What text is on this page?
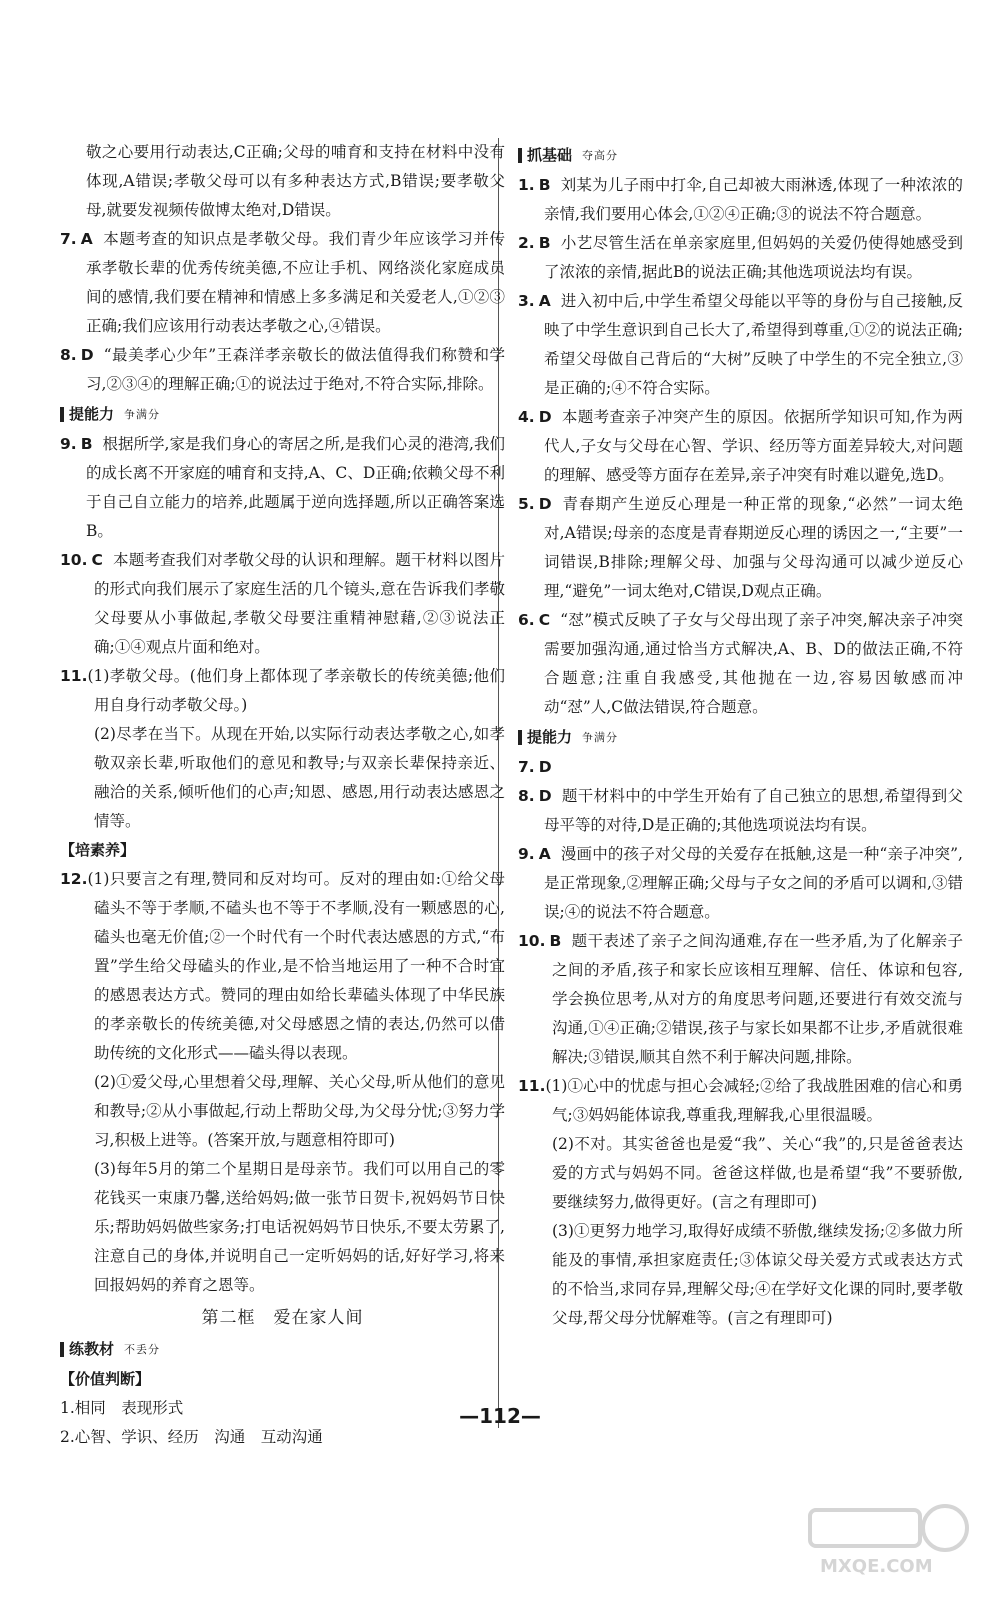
敬之心要用行动表达,C正确;父母的哺育和支持在材料中没有体现,A错误;孝敬父母可以有多种表达方式,B错误;要孝敬父母,就要发视频传做博太绝对,D错误。
7. A 本题考查的知识点是孝敬父母。我们青少年应该学习并传承孝敬长辈的优秀传统美德,不应让手机、网络淡化家庭成员间的感情,我们要在精神和情感上多多满足和关爱老人,①②③正确;我们应该用行动表达孝敬之心,④错误。
8. D “最美孝心少年”王森洋孝亲敬长的做法值得我们称赞和学习,②③④的理解正确;①的说法过于绝对,不符合实际,排除。
提能力 争满分
9. B 根据所学,家是我们身心的寄居之所,是我们心灵的港湾,我们的成长离不开家庭的哺育和支持,A、C、D正确;依赖父母不利于自己自立能力的培养,此题属于逆向选择题,所以正确答案选B。
10. C 本题考查我们对孝敬父母的认识和理解。题干材料以图片的形式向我们展示了家庭生活的几个镜头,意在告诉我们孝敬父母要从小事做起,孝敬父母要注重精神慰藉,②③说法正确;①④观点片面和绝对。
11.(1)孝敬父母。(他们身上都体现了孝亲敬长的传统美德;他们用自身行动孝敬父母。)
(2)尽孝在当下。从现在开始,以实际行动表达孝敬之心,如孝敬双亲长辈,听取他们的意见和教导;与双亲长辈保持亲近、融洽的关系,倾听他们的心声;知恩、感恩,用行动表达感恩之情等。
【培素养】
12.(1)只要言之有理,赞同和反对均可。反对的理由如:①给父母磕头不等于孝顺,不磕头也不等于不孝顺,没有一颗感恩的心,磕头也毫无价值;②一个时代有一个时代表达感恩的方式,“布置”学生给父母磕头的作业,是不恰当地运用了一种不合时宜的感恩表达方式。赞同的理由如给长辈磕头体现了中华民族的孝亲敬长的传统美德,对父母感恩之情的表达,仍然可以借助传统的文化形式——磕头得以表现。
(2)①爱父母,心里想着父母,理解、关心父母,听从他们的意见和教导;②从小事做起,行动上帮助父母,为父母分忧;③努力学习,积极上进等。(答案开放,与题意相符即可)
(3)每年5月的第二个星期日是母亲节。我们可以用自己的零花钱买一束康乃馨,送给妈妈;做一张节日贺卡,祝妈妈节日快乐;帮助妈妈做些家务;打电话祝妈妈节日快乐,不要太劳累了,注意自己的身体,并说明自己一定听妈妈的话,好好学习,将来回报妈妈的养育之恩等。
第二框　爱在家人间
练教材 不丢分
【价值判断】
1.相同　表现形式
2.心智、学识、经历　沟通　互动沟通
抓基础 夺高分
1. B 刘某为儿子雨中打伞,自己却被大雨淋透,体现了一种浓浓的亲情,我们要用心体会,①②④正确;③的说法不符合题意。
2. B 小艺尽管生活在单亲家庭里,但妈妈的关爱仍使得她感受到了浓浓的亲情,据此B的说法正确;其他选项说法均有误。
3. A 进入初中后,中学生希望父母能以平等的身份与自己接触,反映了中学生意识到自己长大了,希望得到尊重,①②的说法正确;希望父母做自己背后的“大树”反映了中学生的不完全独立,③是正确的;④不符合实际。
4. D 本题考查亲子冲突产生的原因。依据所学知识可知,作为两代人,子女与父母在心智、学识、经历等方面差异较大,对问题的理解、感受等方面存在差异,亲子冲突有时难以避免,选D。
5. D 青春期产生逆反心理是一种正常的现象,“必然”一词太绝对,A错误;母亲的态度是青春期逆反心理的诱因之一,“主要”一词错误,B排除;理解父母、加强与父母沟通可以减少逆反心理,“避免”一词太绝对,C错误,D观点正确。
6. C “怼”模式反映了子女与父母出现了亲子冲突,解决亲子冲突需要加强沟通,通过恰当方式解决,A、B、D的做法正确,不符合题意;注重自我感受,其他抛在一边,容易因敏感而冲动“怼”人,C做法错误,符合题意。
提能力 争满分
7. D
8. D 题干材料中的中学生开始有了自己独立的思想,希望得到父母平等的对待,D是正确的;其他选项说法均有误。
9. A 漫画中的孩子对父母的关爱存在抵触,这是一种“亲子冲突”,是正常现象,②理解正确;父母与子女之间的矛盾可以调和,③错误;④的说法不符合题意。
10. B 题干表述了亲子之间沟通难,存在一些矛盾,为了化解亲子之间的矛盾,孩子和家长应该相互理解、信任、体谅和包容,学会换位思考,从对方的角度思考问题,还要进行有效交流与沟通,①④正确;②错误,孩子与家长如果都不让步,矛盾就很难解决;③错误,顺其自然不利于解决问题,排除。
11.(1)①心中的忧虑与担心会减轻;②给了我战胜困难的信心和勇气;③妈妈能体谅我,尊重我,理解我,心里很温暖。
(2)不对。其实爸爸也是爱“我”、关心“我”的,只是爸爸表达爱的方式与妈妈不同。爸爸这样做,也是希望“我”不要骄傲,要继续努力,做得更好。(言之有理即可)
(3)①更努力地学习,取得好成绩不骄傲,继续发扬;②多做力所能及的事情,承担家庭责任;③体谅父母关爱方式或表达方式的不恰当,求同存异,理解父母;④在学好文化课的同时,要孝敬父母,帮父母分忧解难等。(言之有理即可)
—112—
MXQE.COM
